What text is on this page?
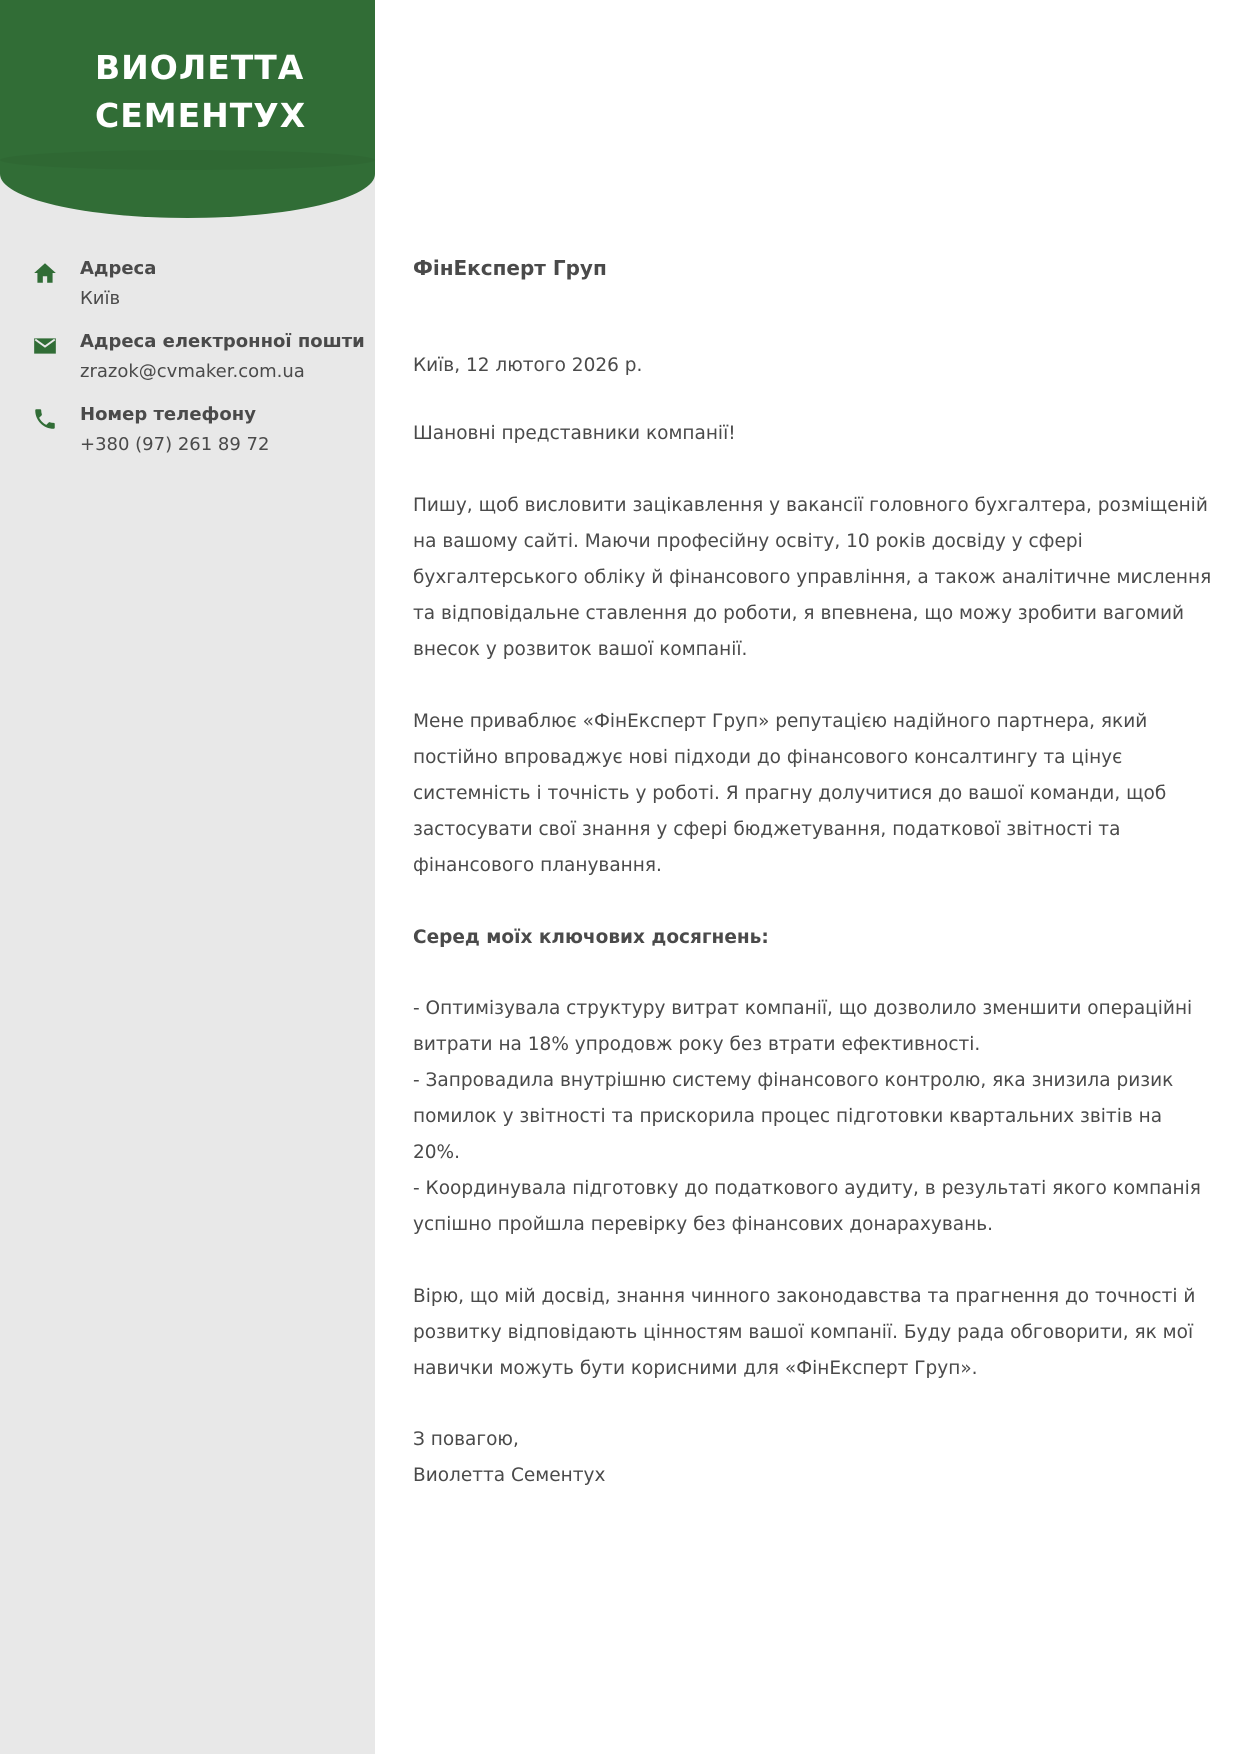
ВИОЛЕТТА
СЕМЕНТУХ
Адреса
Київ
Адреса електронної пошти
zrazok@cvmaker.com.ua
Номер телефону
+380 (97) 261 89 72
ФінЕксперт Груп
Київ, 12 лютого 2026 р.
Шановні представники компанії!
Пишу, щоб висловити зацікавлення у вакансії головного бухгалтера, розміщеній на вашому сайті. Маючи професійну освіту, 10 років досвіду у сфері бухгалтерського обліку й фінансового управління, а також аналітичне мислення та відповідальне ставлення до роботи, я впевнена, що можу зробити вагомий внесок у розвиток вашої компанії.
Мене приваблює «ФінЕксперт Груп» репутацією надійного партнера, який постійно впроваджує нові підходи до фінансового консалтингу та цінує системність і точність у роботі. Я прагну долучитися до вашої команди, щоб застосувати свої знання у сфері бюджетування, податкової звітності та фінансового планування.
Серед моїх ключових досягнень:
- Оптимізувала структуру витрат компанії, що дозволило зменшити операційні витрати на 18% упродовж року без втрати ефективності.
- Запровадила внутрішню систему фінансового контролю, яка знизила ризик помилок у звітності та прискорила процес підготовки квартальних звітів на 20%.
- Координувала підготовку до податкового аудиту, в результаті якого компанія успішно пройшла перевірку без фінансових донарахувань.
Вірю, що мій досвід, знання чинного законодавства та прагнення до точності й розвитку відповідають цінностям вашої компанії. Буду рада обговорити, як мої навички можуть бути корисними для «ФінЕксперт Груп».
З повагою,
Виолетта Сементух
